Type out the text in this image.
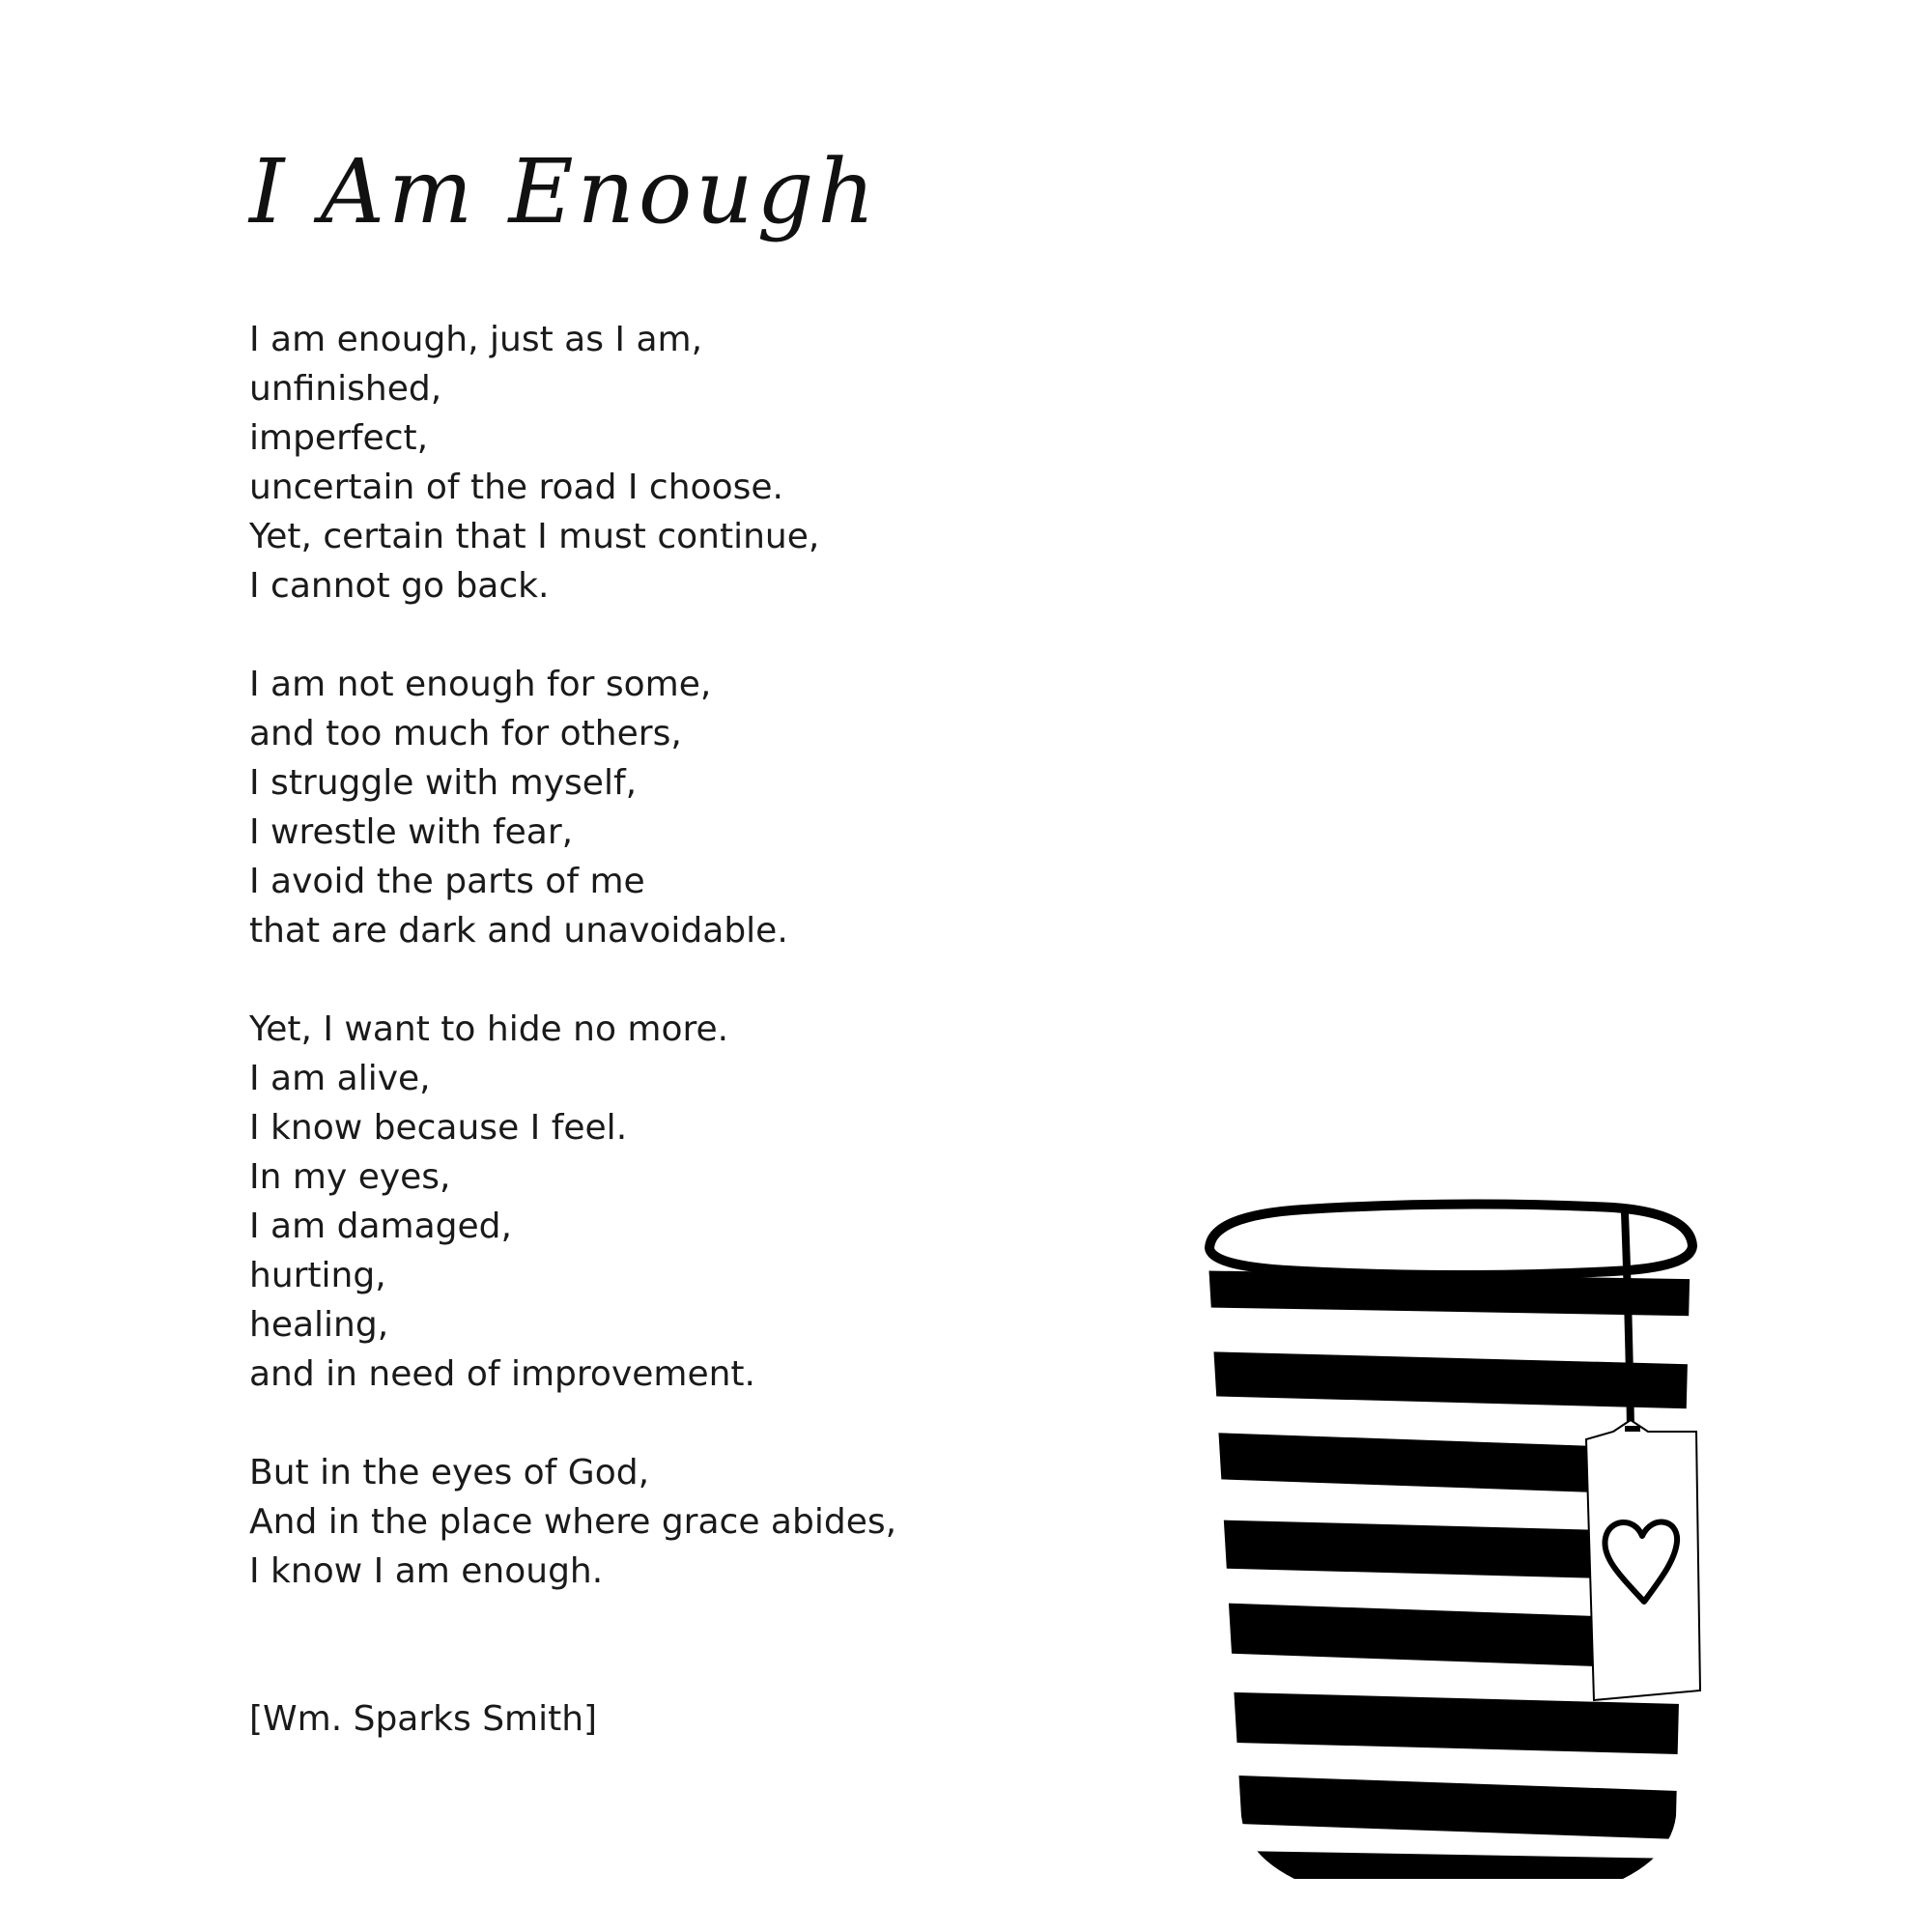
I Am Enough
I am enough, just as I am,
unfinished,
imperfect,
uncertain of the road I choose.
Yet, certain that I must continue,
I cannot go back.
I am not enough for some,
and too much for others,
I struggle with myself,
I wrestle with fear,
I avoid the parts of me
that are dark and unavoidable.
Yet, I want to hide no more.
I am alive,
I know because I feel.
In my eyes,
I am damaged,
hurting,
healing,
and in need of improvement.
But in the eyes of God,
And in the place where grace abides,
I know I am enough.
[Wm. Sparks Smith]
